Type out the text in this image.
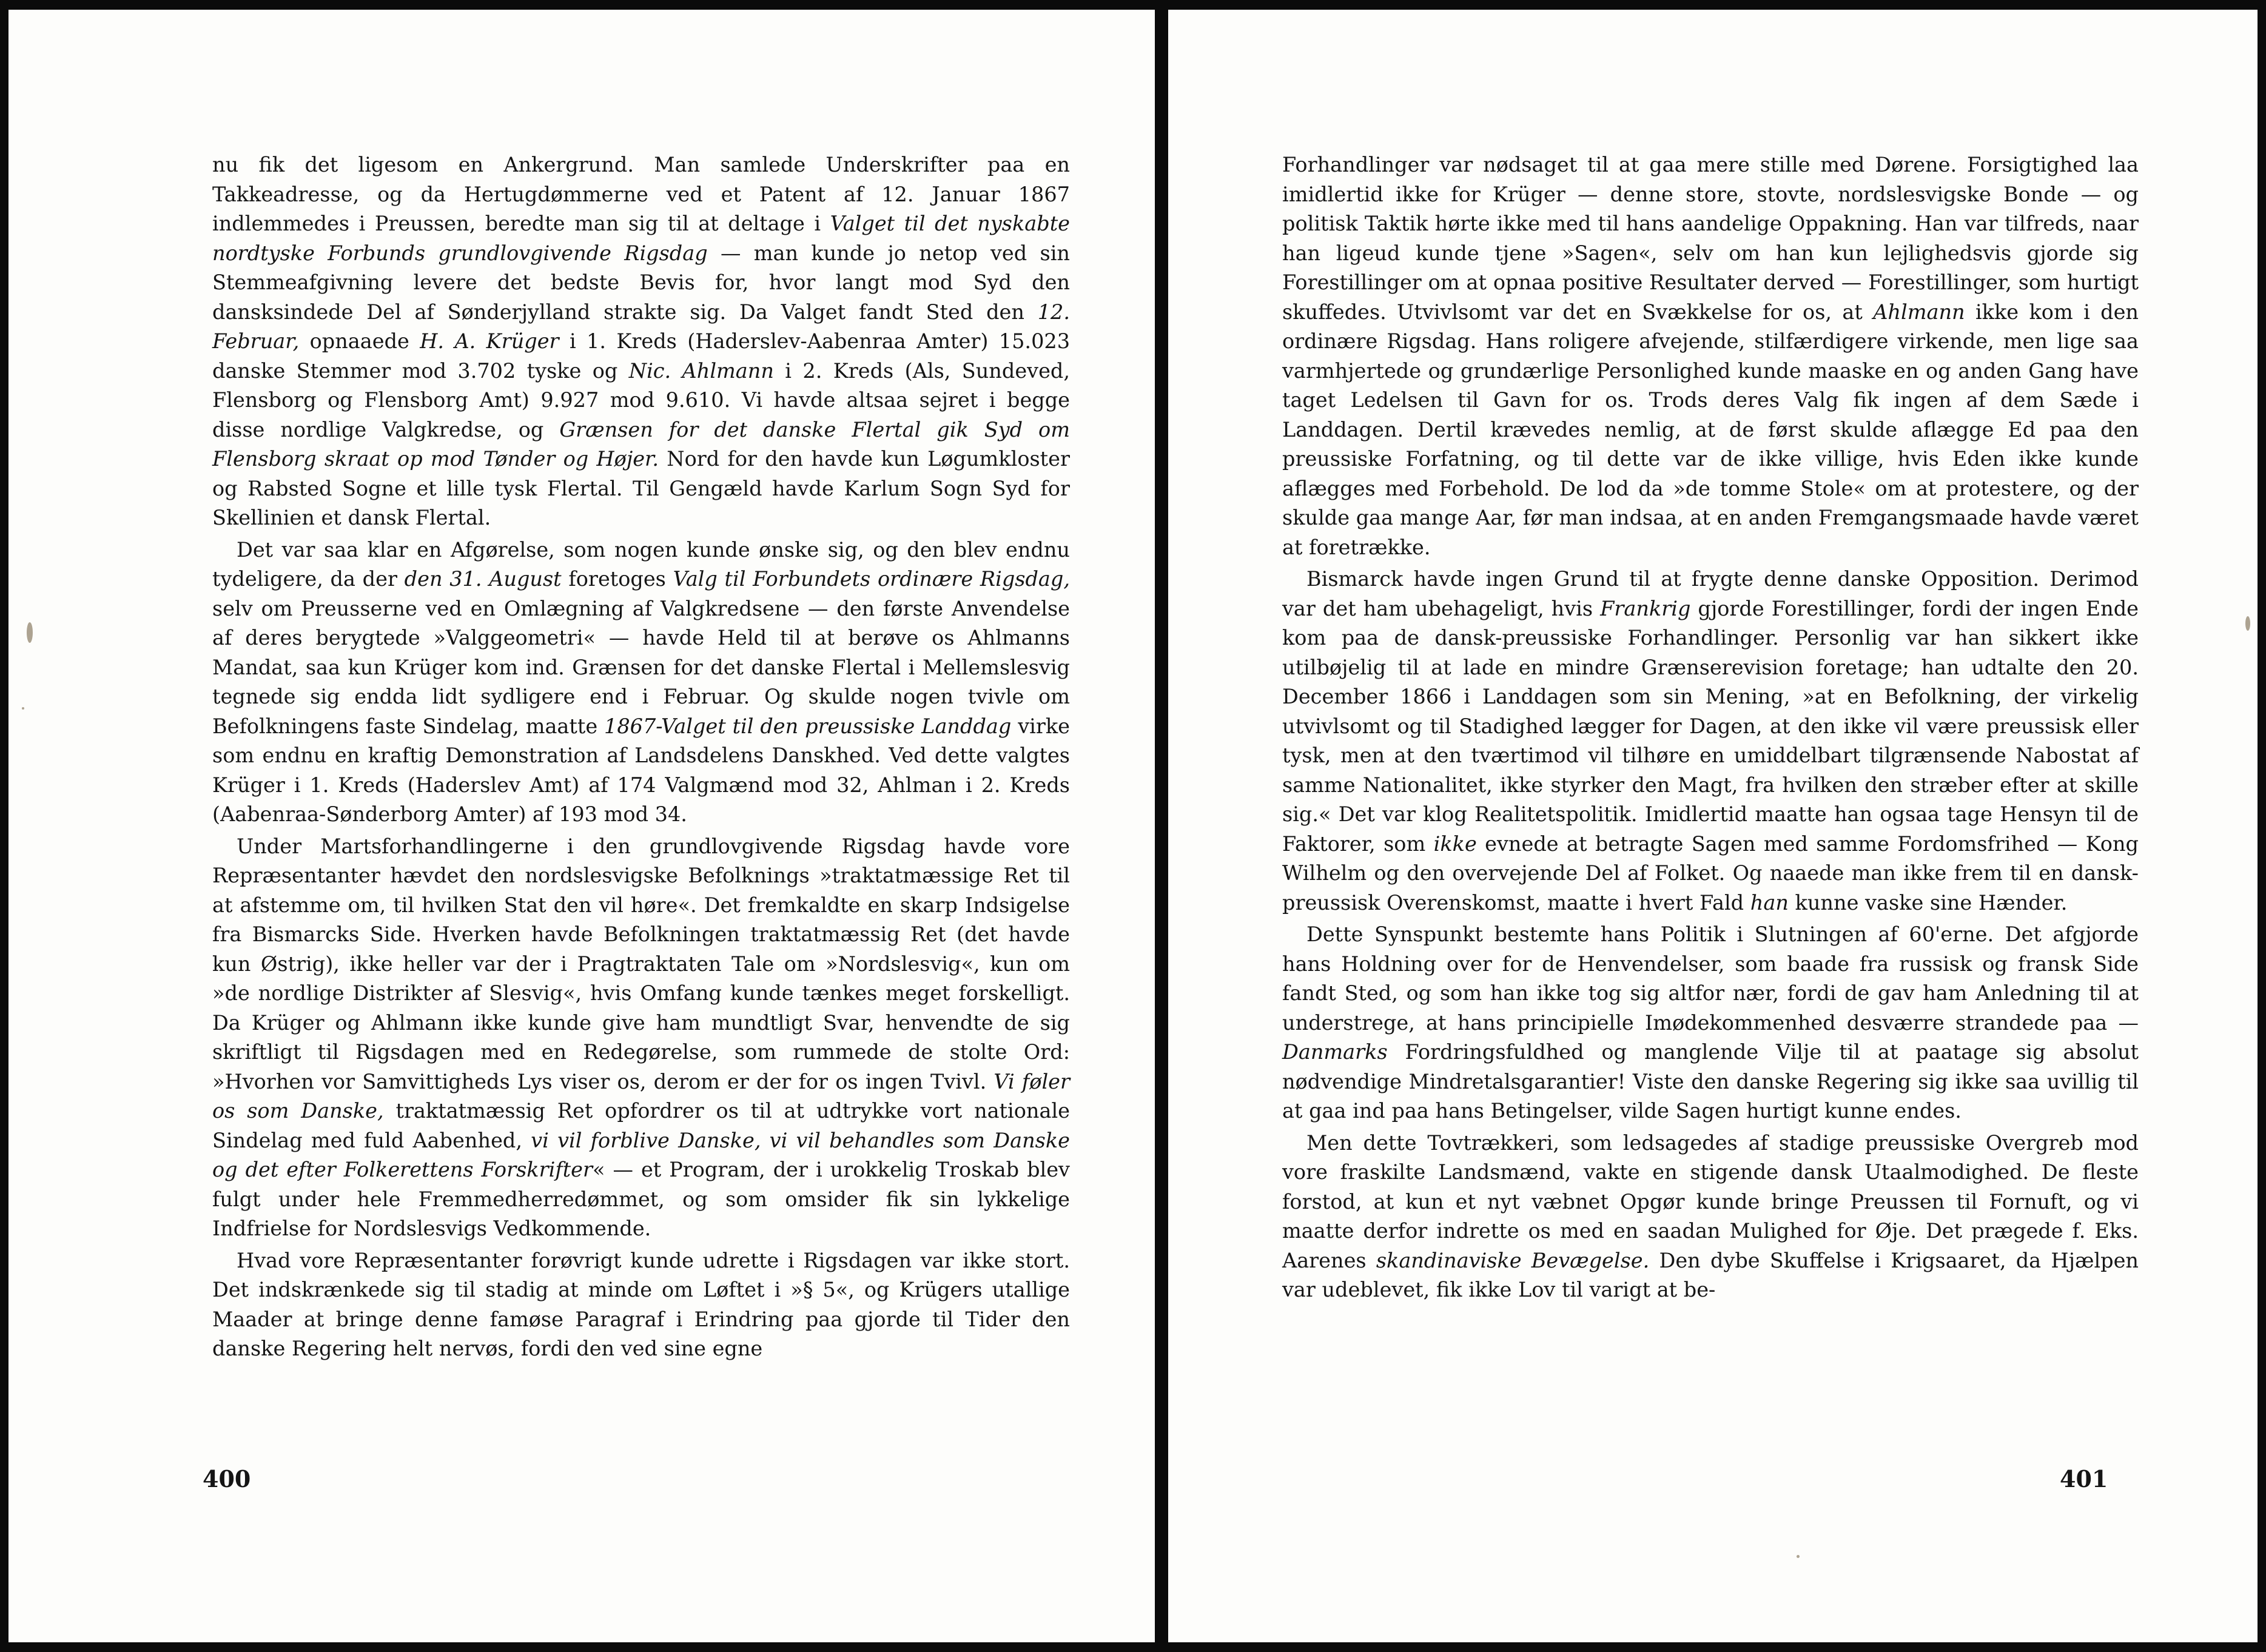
nu fik det ligesom en Ankergrund. Man samlede Underskrifter paa en Takkeadresse, og da Hertugdømmerne ved et Patent af 12. Januar 1867 indlemmedes i Preussen, beredte man sig til at deltage i Valget til det nyskabte nordtyske Forbunds grundlovgivende Rigsdag — man kunde jo netop ved sin Stemmeafgivning levere det bedste Bevis for, hvor langt mod Syd den dansksindede Del af Sønderjylland strakte sig. Da Valget fandt Sted den 12. Februar, opnaaede H. A. Krüger i 1. Kreds (Haderslev-Aabenraa Amter) 15.023 danske Stemmer mod 3.702 tyske og Nic. Ahlmann i 2. Kreds (Als, Sundeved, Flensborg og Flensborg Amt) 9.927 mod 9.610. Vi havde altsaa sejret i begge disse nordlige Valgkredse, og Grænsen for det danske Flertal gik Syd om Flensborg skraat op mod Tønder og Højer. Nord for den havde kun Løgumkloster og Rabsted Sogne et lille tysk Flertal. Til Gengæld havde Karlum Sogn Syd for Skellinien et dansk Flertal.

Det var saa klar en Afgørelse, som nogen kunde ønske sig, og den blev endnu tydeligere, da der den 31. August foretoges Valg til Forbundets ordinære Rigsdag, selv om Preusserne ved en Omlægning af Valgkredsene — den første Anvendelse af deres berygtede »Valggeometri« — havde Held til at berøve os Ahlmanns Mandat, saa kun Krüger kom ind. Grænsen for det danske Flertal i Mellemslesvig tegnede sig endda lidt sydligere end i Februar. Og skulde nogen tvivle om Befolkningens faste Sindelag, maatte 1867-Valget til den preussiske Landdag virke som endnu en kraftig Demonstration af Landsdelens Danskhed. Ved dette valgtes Krüger i 1. Kreds (Haderslev Amt) af 174 Valgmænd mod 32, Ahlman i 2. Kreds (Aabenraa-Sønderborg Amter) af 193 mod 34.

Under Martsforhandlingerne i den grundlovgivende Rigsdag havde vore Repræsentanter hævdet den nordslesvigske Befolknings »traktatmæssige Ret til at afstemme om, til hvilken Stat den vil høre«. Det fremkaldte en skarp Indsigelse fra Bismarcks Side. Hverken havde Befolkningen traktatmæssig Ret (det havde kun Østrig), ikke heller var der i Pragtraktaten Tale om »Nordslesvig«, kun om »de nordlige Distrikter af Slesvig«, hvis Omfang kunde tænkes meget forskelligt. Da Krüger og Ahlmann ikke kunde give ham mundtligt Svar, henvendte de sig skriftligt til Rigsdagen med en Redegørelse, som rummede de stolte Ord: »Hvorhen vor Samvittigheds Lys viser os, derom er der for os ingen Tvivl. Vi føler os som Danske, traktatmæssig Ret opfordrer os til at udtrykke vort nationale Sindelag med fuld Aabenhed, vi vil forblive Danske, vi vil behandles som Danske og det efter Folkerettens Forskrifter« — et Program, der i urokkelig Troskab blev fulgt under hele Fremmedherredømmet, og som omsider fik sin lykkelige Indfrielse for Nordslesvigs Vedkommende.

Hvad vore Repræsentanter forøvrigt kunde udrette i Rigsdagen var ikke stort. Det indskrænkede sig til stadig at minde om Løftet i »§ 5«, og Krügers utallige Maader at bringe denne famøse Paragraf i Erindring paa gjorde til Tider den danske Regering helt nervøs, fordi den ved sine egne

400

Forhandlinger var nødsaget til at gaa mere stille med Dørene. Forsigtighed laa imidlertid ikke for Krüger — denne store, stovte, nordslesvigske Bonde — og politisk Taktik hørte ikke med til hans aandelige Oppakning. Han var tilfreds, naar han ligeud kunde tjene »Sagen«, selv om han kun lejlighedsvis gjorde sig Forestillinger om at opnaa positive Resultater derved — Forestillinger, som hurtigt skuffedes. Utvivlsomt var det en Svækkelse for os, at Ahlmann ikke kom i den ordinære Rigsdag. Hans roligere afvejende, stilfærdigere virkende, men lige saa varmhjertede og grundærlige Personlighed kunde maaske en og anden Gang have taget Ledelsen til Gavn for os. Trods deres Valg fik ingen af dem Sæde i Landdagen. Dertil krævedes nemlig, at de først skulde aflægge Ed paa den preussiske Forfatning, og til dette var de ikke villige, hvis Eden ikke kunde aflægges med Forbehold. De lod da »de tomme Stole« om at protestere, og der skulde gaa mange Aar, før man indsaa, at en anden Fremgangsmaade havde været at foretrække.

Bismarck havde ingen Grund til at frygte denne danske Opposition. Derimod var det ham ubehageligt, hvis Frankrig gjorde Forestillinger, fordi der ingen Ende kom paa de dansk-preussiske Forhandlinger. Personlig var han sikkert ikke utilbøjelig til at lade en mindre Grænserevision foretage; han udtalte den 20. December 1866 i Landdagen som sin Mening, »at en Befolkning, der virkelig utvivlsomt og til Stadighed lægger for Dagen, at den ikke vil være preussisk eller tysk, men at den tværtimod vil tilhøre en umiddelbart tilgrænsende Nabostat af samme Nationalitet, ikke styrker den Magt, fra hvilken den stræber efter at skille sig.« Det var klog Realitetspolitik. Imidlertid maatte han ogsaa tage Hensyn til de Faktorer, som ikke evnede at betragte Sagen med samme Fordomsfrihed — Kong Wilhelm og den overvejende Del af Folket. Og naaede man ikke frem til en dansk-preussisk Overenskomst, maatte i hvert Fald han kunne vaske sine Hænder.

Dette Synspunkt bestemte hans Politik i Slutningen af 60'erne. Det afgjorde hans Holdning over for de Henvendelser, som baade fra russisk og fransk Side fandt Sted, og som han ikke tog sig altfor nær, fordi de gav ham Anledning til at understrege, at hans principielle Imødekommenhed desværre strandede paa — Danmarks Fordringsfuldhed og manglende Vilje til at paatage sig absolut nødvendige Mindretalsgarantier! Viste den danske Regering sig ikke saa uvillig til at gaa ind paa hans Betingelser, vilde Sagen hurtigt kunne endes.

Men dette Tovtrækkeri, som ledsagedes af stadige preussiske Overgreb mod vore fraskilte Landsmænd, vakte en stigende dansk Utaalmodighed. De fleste forstod, at kun et nyt væbnet Opgør kunde bringe Preussen til Fornuft, og vi maatte derfor indrette os med en saadan Mulighed for Øje. Det prægede f. Eks. Aarenes skandinaviske Bevægelse. Den dybe Skuffelse i Krigsaaret, da Hjælpen var udeblevet, fik ikke Lov til varigt at be-

401
